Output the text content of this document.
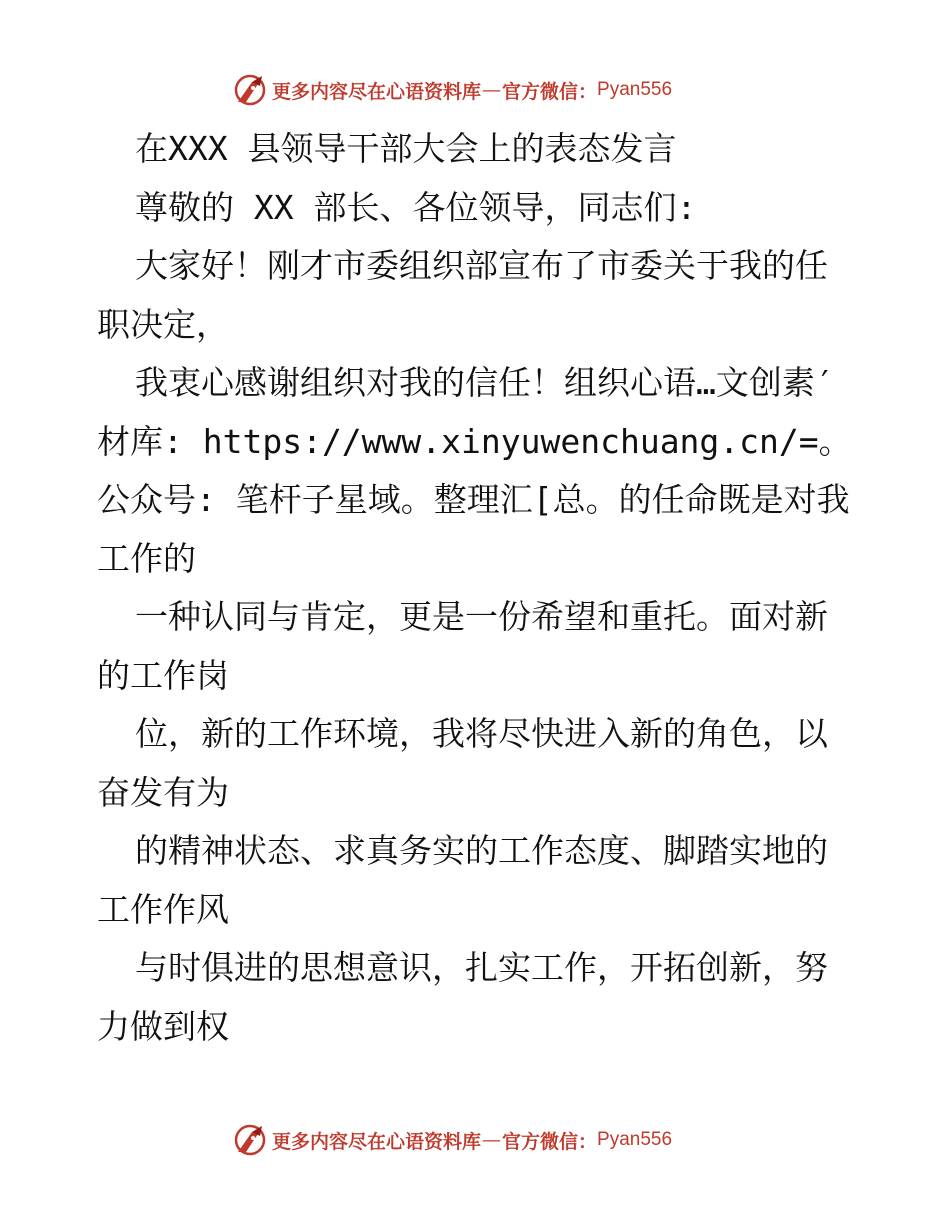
更多内容尽在心语资料库 — 官方微信： Pyan556

在XXX 县领导干部大会上的表态发言

尊敬的 XX 部长、各位领导，同志们:

大家好！刚才市委组织部宣布了市委关于我的任职决定，

我衷心感谢组织对我的信任！组织心语…文创素′材库: https://www.xinyuwenchuang.cn/=。公众号: 笔杆子星域。整理汇[总。的任命既是对我工作的

一种认同与肯定，更是一份希望和重托。面对新的工作岗

位，新的工作环境，我将尽快进入新的角色，以奋发有为

的精神状态、求真务实的工作态度、脚踏实地的工作作风

与时俱进的思想意识，扎实工作，开拓创新，努力做到权

更多内容尽在心语资料库 — 官方微信： Pyan556
